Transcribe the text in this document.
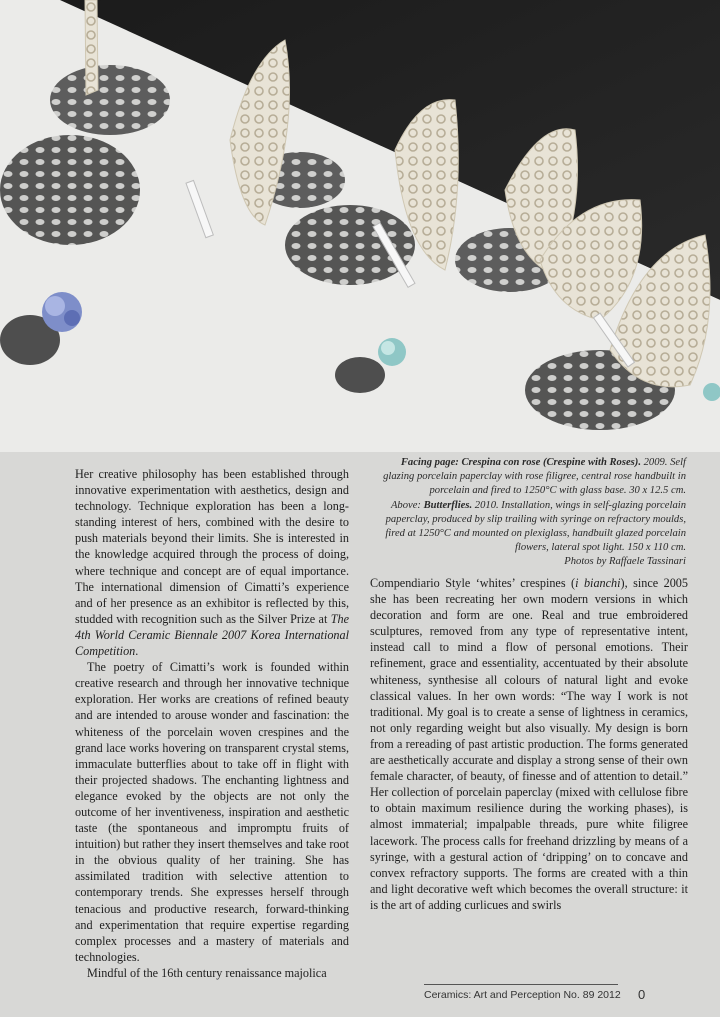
Her creative philosophy has been established through innovative experimentation with aesthetics, design and technology. Technique exploration has been a long-standing interest of hers, combined with the desire to push materials beyond their limits. She is interested in the knowledge acquired through the process of doing, where technique and concept are of equal importance. The international dimension of Cimatti’s experience and of her presence as an exhibitor is reflected by this, studded with recognition such as the Silver Prize at The 4th World Ceramic Biennale 2007 Korea International Competition.

The poetry of Cimatti’s work is founded within creative research and through her innovative technique exploration. Her works are creations of refined beauty and are intended to arouse wonder and fascination: the whiteness of the porcelain woven crespines and the grand lace works hovering on transparent crystal stems, immaculate butterflies about to take off in flight with their projected shadows. The enchanting lightness and elegance evoked by the objects are not only the outcome of her inventiveness, inspiration and aesthetic taste (the spontaneous and impromptu fruits of intuition) but rather they insert themselves and take root in the obvious quality of her training. She has assimilated tradition with selective attention to contemporary trends. She expresses herself through tenacious and productive research, forward-thinking and experimentation that require expertise regarding complex processes and a mastery of materials and technologies.

Mindful of the 16th century renaissance majolica

Facing page: Crespina con rose (Crespine with Roses). 2009. Self glazing porcelain paperclay with rose filigree, central rose handbuilt in porcelain and fired to 1250°C with glass base. 30 x 12.5 cm.

Above: Butterflies. 2010. Installation, wings in self-glazing porcelain paperclay, produced by slip trailing with syringe on refractory moulds, fired at 1250°C and mounted on plexiglass, handbuilt glazed porcelain flowers, lateral spot light. 150 x 110 cm.

Photos by Raffaele Tassinari

Compendiario Style ‘whites’ crespines (i bianchi), since 2005 she has been recreating her own modern versions in which decoration and form are one. Real and true embroidered sculptures, removed from any type of representative intent, instead call to mind a flow of personal emotions. Their refinement, grace and essentiality, accentuated by their absolute whiteness, synthesise all colours of natural light and evoke classical values. In her own words: “The way I work is not traditional. My goal is to create a sense of lightness in ceramics, not only regarding weight but also visually. My design is born from a rereading of past artistic production. The forms generated are aesthetically accurate and display a strong sense of their own female character, of beauty, of finesse and of attention to detail.” Her collection of porcelain paperclay (mixed with cellulose fibre to obtain maximum resilience during the working phases), is almost immaterial; impalpable threads, pure white filigree lacework. The process calls for freehand drizzling by means of a syringe, with a gestural action of ‘dripping’ on to concave and convex refractory supports. The forms are created with a thin and light decorative weft which becomes the overall structure: it is the art of adding curlicues and swirls

Ceramics: Art and Perception No. 89 2012 0
